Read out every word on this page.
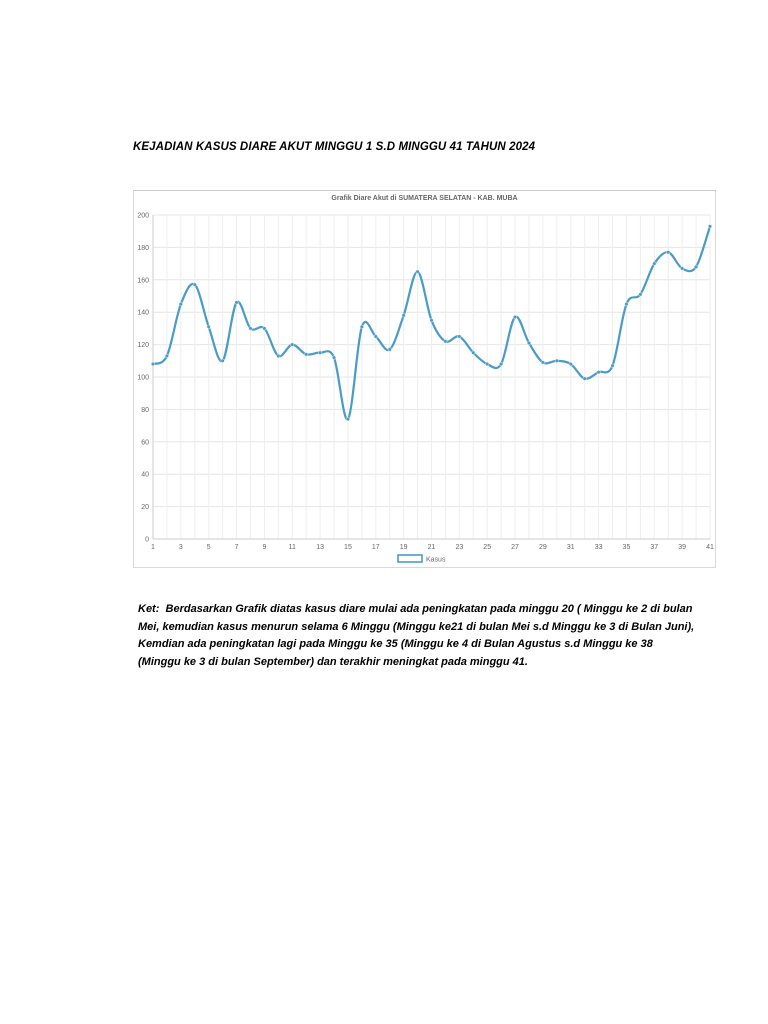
KEJADIAN KASUS DIARE AKUT MINGGU 1 S.D MINGGU 41 TAHUN 2024
Grafik Diare Akut di SUMATERA SELATAN - KAB. MUBA
0
20
40
60
80
100
120
140
160
180
200
1	3	5	7	9	11	13	15	17	19	21	23	25	27	29	31	33	35	37	39	41
Kasus
Ket: Berdasarkan Grafik diatas kasus diare mulai ada peningkatan pada minggu 20 ( Minggu ke 2 di bulan Mei, kemudian kasus menurun selama 6 Minggu (Minggu ke21 di bulan Mei s.d Minggu ke 3 di Bulan Juni), Kemdian ada peningkatan lagi pada Minggu ke 35 (Minggu ke 4 di Bulan Agustus s.d Minggu ke 38 (Minggu ke 3 di bulan September) dan terakhir meningkat pada minggu 41.
